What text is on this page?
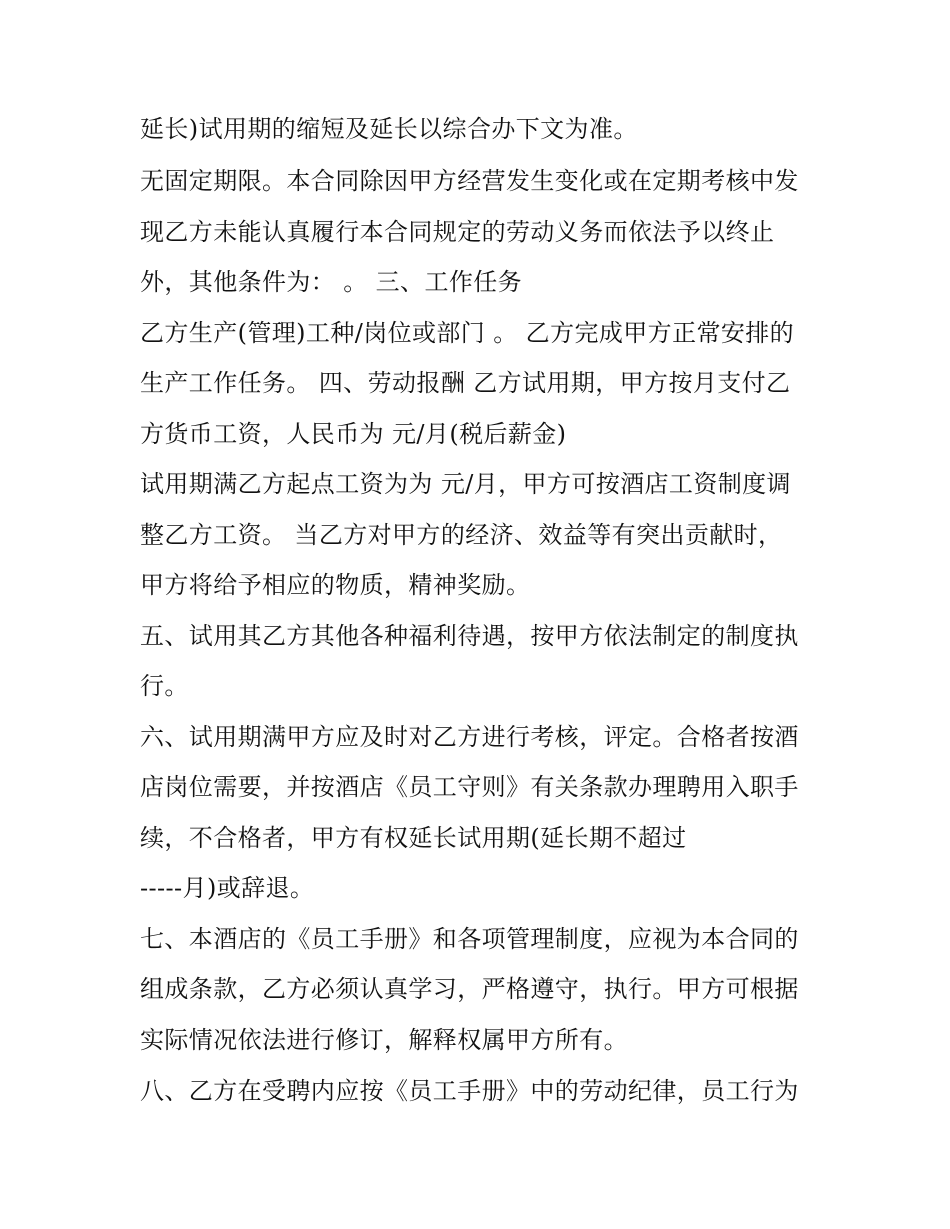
延长)试用期的缩短及延长以综合办下文为准。
无固定期限。本合同除因甲方经营发生变化或在定期考核中发
现乙方未能认真履行本合同规定的劳动义务而依法予以终止
外，其他条件为： 。 三、工作任务
乙方生产(管理)工种/岗位或部门 。 乙方完成甲方正常安排的
生产工作任务。 四、劳动报酬 乙方试用期，甲方按月支付乙
方货币工资，人民币为 元/月(税后薪金)
试用期满乙方起点工资为为 元/月，甲方可按酒店工资制度调
整乙方工资。 当乙方对甲方的经济、效益等有突出贡献时，
甲方将给予相应的物质，精神奖励。
五、试用其乙方其他各种福利待遇，按甲方依法制定的制度执
行。
六、试用期满甲方应及时对乙方进行考核，评定。合格者按酒
店岗位需要，并按酒店《员工守则》有关条款办理聘用入职手
续，不合格者，甲方有权延长试用期(延长期不超过
-----月)或辞退。
七、本酒店的《员工手册》和各项管理制度，应视为本合同的
组成条款，乙方必须认真学习，严格遵守，执行。甲方可根据
实际情况依法进行修订，解释权属甲方所有。
八、乙方在受聘内应按《员工手册》中的劳动纪律，员工行为
